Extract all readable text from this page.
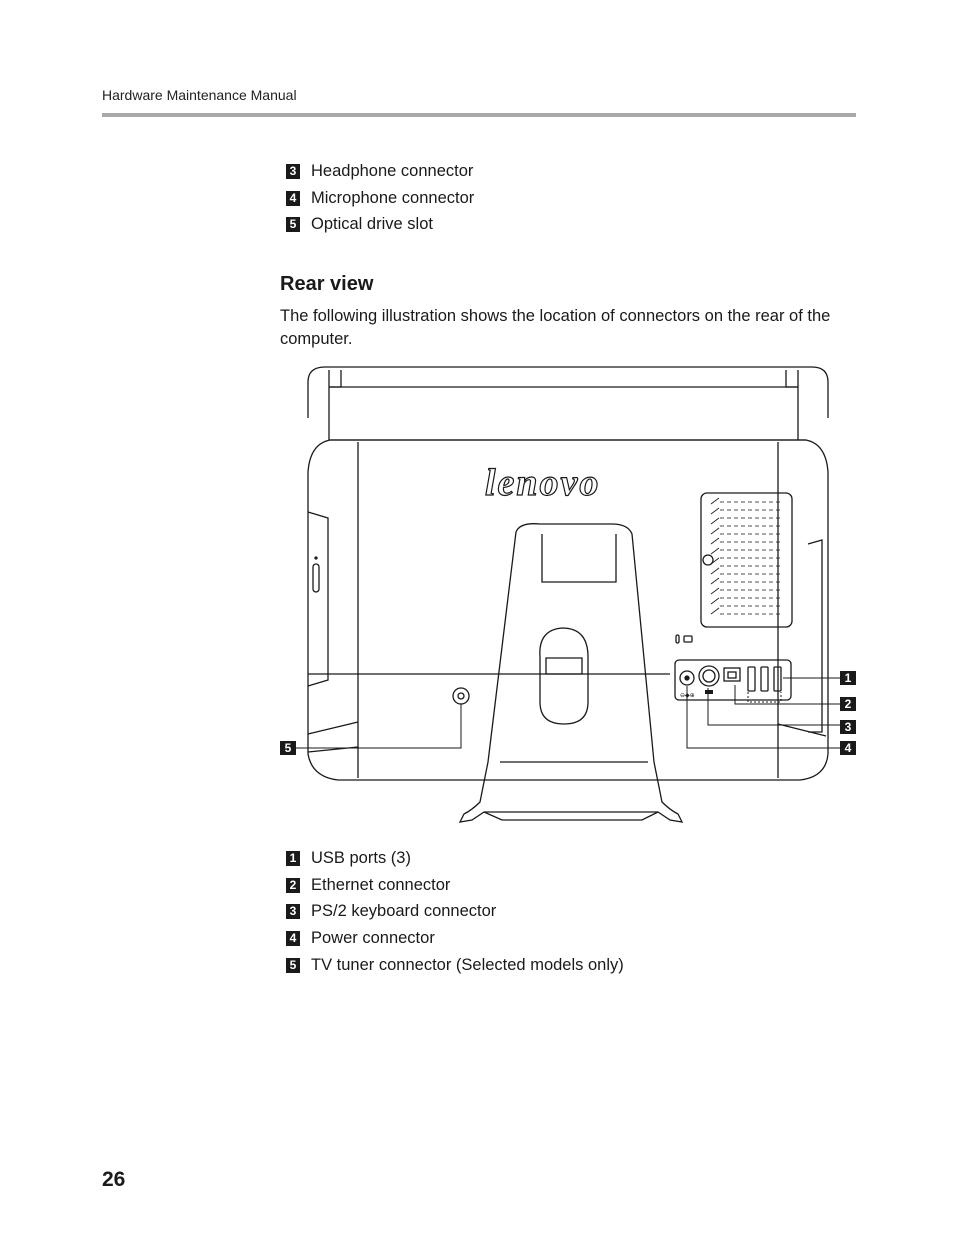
Hardware Maintenance Manual
3 Headphone connector
4 Microphone connector
5 Optical drive slot
Rear view

The following illustration shows the location of connectors on the rear of the computer.

lenovo
⊖◆⊕
1
2
3
4
5
1 USB ports (3)
2 Ethernet connector
3 PS/2 keyboard connector
4 Power connector
5 TV tuner connector (Selected models only)
26
